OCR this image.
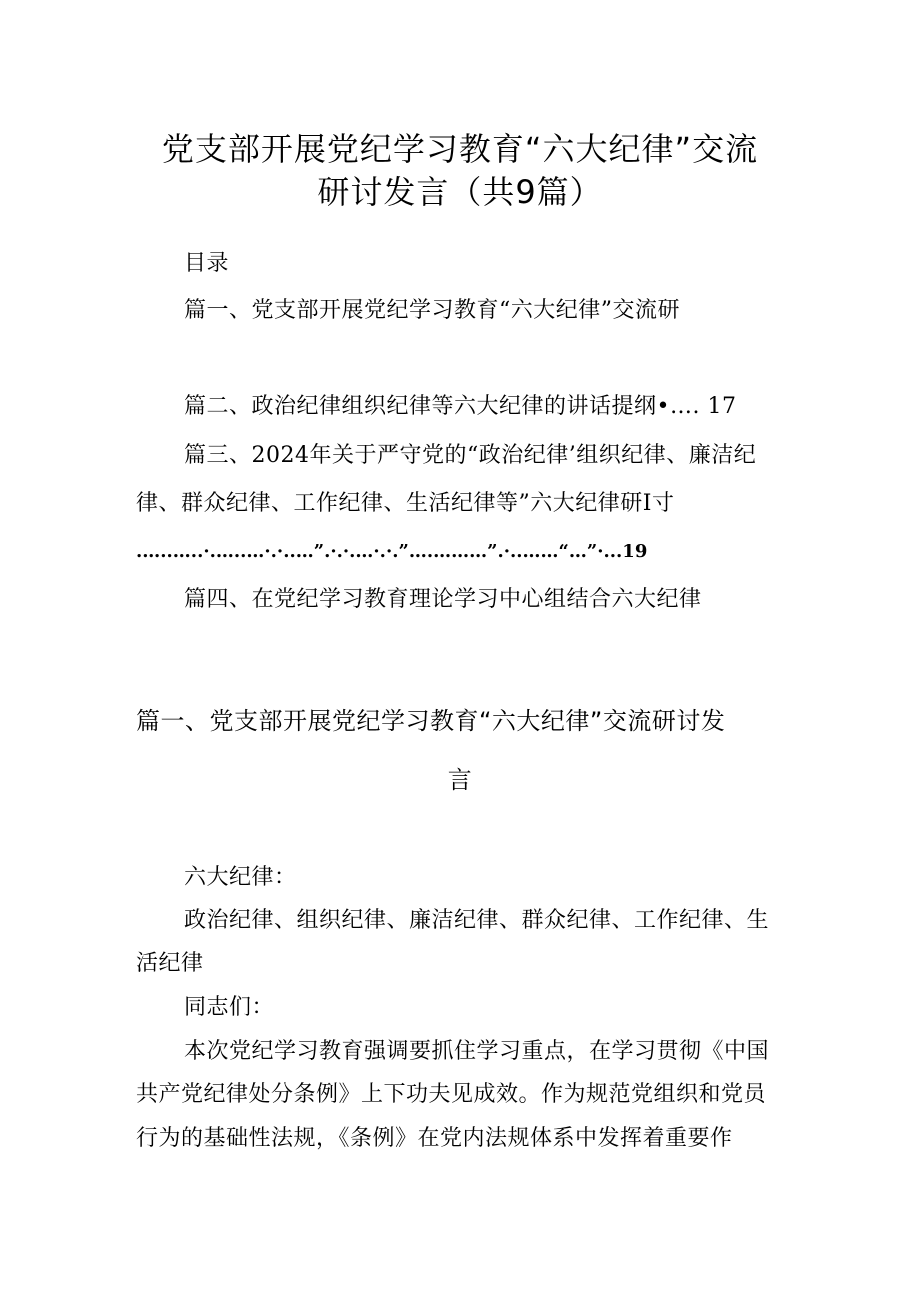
党支部开展党纪学习教育“六大纪律”交流
研讨发言（共9篇）
目录
篇一、党支部开展党纪学习教育“六大纪律”交流研
篇二、政治纪律组织纪律等六大纪律的讲话提纲•…. 17
篇三、2024年关于严守党的“政治纪律’组织纪律、廉洁纪
律、群众纪律、工作纪律、生活纪律等”六大纪律研I寸
.…..…..·.…..…·.·..…”.·.·.…·.·.”….………”.·..……“…”·...19
篇四、在党纪学习教育理论学习中心组结合六大纪律
篇一、党支部开展党纪学习教育“六大纪律”交流研讨发
言
六大纪律：
政治纪律、组织纪律、廉洁纪律、群众纪律、工作纪律、生
活纪律
同志们：
本次党纪学习教育强调要抓住学习重点，在学习贯彻《中国
共产党纪律处分条例》上下功夫见成效。作为规范党组织和党员
行为的基础性法规，《条例》在党内法规体系中发挥着重要作
